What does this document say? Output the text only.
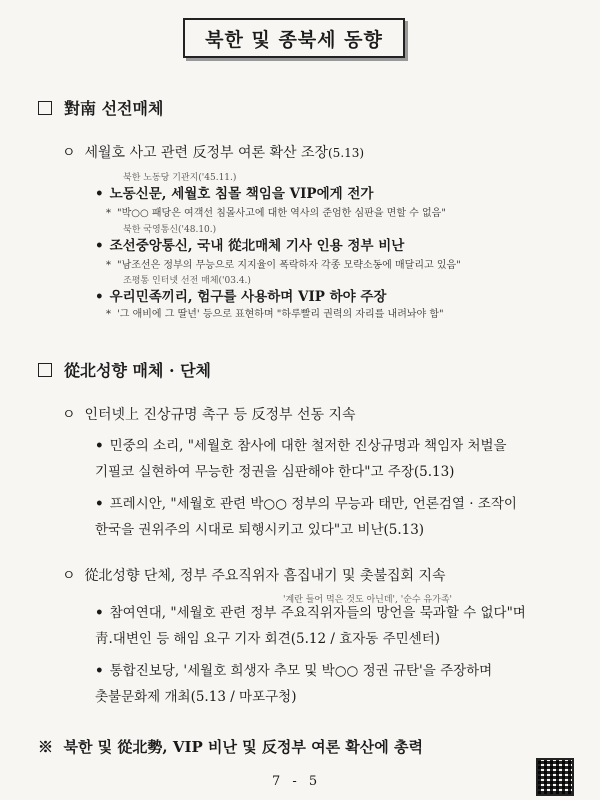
북한 및 종북세 동향
對南 선전매체
ㅇ 세월호 사고 관련 反정부 여론 확산 조장(5.13)
북한 노동당 기관지('45.11.)
• 노동신문, 세월호 침몰 책임을 VIP에게 전가
* "박○○ 패당은 여객선 침몰사고에 대한 역사의 준엄한 심판을 면할 수 없음"
북한 국영통신('48.10.)
• 조선중앙통신, 국내 從北매체 기사 인용 정부 비난
* "남조선은 정부의 무능으로 지지율이 폭락하자 각종 모략소동에 매달리고 있음"
조평통 인터넷 선전 매체('03.4.)
• 우리민족끼리, 험구를 사용하며 VIP 하야 주장
* '그 애비에 그 딸년' 등으로 표현하며 "하루빨리 권력의 자리를 내려놔야 함"
從北성향 매체 · 단체
ㅇ 인터넷上 진상규명 촉구 등 反정부 선동 지속
• 민중의 소리, "세월호 참사에 대한 철저한 진상규명과 책임자 처벌을
기필코 실현하여 무능한 정권을 심판해야 한다"고 주장(5.13)
• 프레시안, "세월호 관련 박○○ 정부의 무능과 태만, 언론검열 · 조작이
한국을 권위주의 시대로 퇴행시키고 있다"고 비난(5.13)
ㅇ 從北성향 단체, 정부 주요직위자 흠집내기 및 촛불집회 지속
'계란 들어 먹은 것도 아닌데', '순수 유가족'
• 참여연대, "세월호 관련 정부 주요직위자들의 망언을 묵과할 수 없다"며
靑.대변인 등 해임 요구 기자 회견(5.12 / 효자동 주민센터)
• 통합진보당, '세월호 희생자 추모 및 박○○ 정권 규탄'을 주장하며
촛불문화제 개최(5.13 / 마포구청)
※ 북한 및 從北勢, VIP 비난 및 反정부 여론 확산에 총력
7 - 5
